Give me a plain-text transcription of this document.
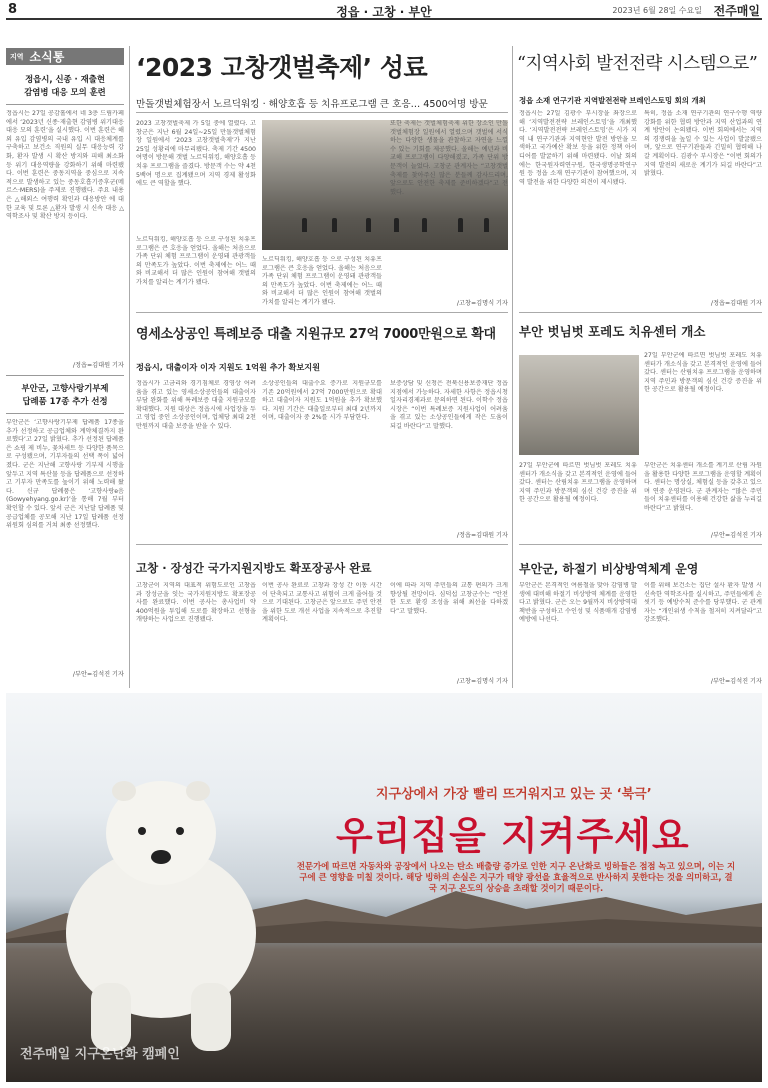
8	정읍 · 고창 · 부안	2023년 6월 28일 수요일 전주매일
지역 소식통
정읍시, 신종 · 재출현
감염병 대응 모의 훈련

정읍시는 27일 공감홀에서 네 3층 드림카페에서 ‘2023년 신종·재출현 감염병 위기대응 대응 모의 훈련’을 실시했다. 이번 훈련은 해외 유입 감염병의 국내 유입 시 대응체계를 구축하고 보건소 직원의 실무 대응능력 강화, 환자 발생 시 확산 방지와 피해 최소화 등 위기 대응역량을 강화하기 위해 마련됐다. 이번 훈련은 중동지역을 중심으로 지속적으로 발생하고 있는 중동호흡기증후군(메르스·MERS)을 주제로 진행됐다. 주요 내용은 △해외스 여행력 확인과 대응방안 에 대한 교육 및 토론 △환자 발생 시 신속 대응 △역학조사 및 확산 방지 등이다.

/정읍=김대원 기자

부안군, 고향사랑기부제
답례품 17종 추가 선정

부안군은 ‘고향사랑기부제 답례품 17종을 추가 선정하고 공급업체와 계약체결까지 완료했다’고 27일 밝혔다. 추가 선정된 답례품은 쇼핑 제 비누, 꽃차세트 등 다양한 품목으로 구성됐으며, 기부자들의 선택 폭이 넓어졌다. 군은 지난해 고향사랑 기부제 시행을 앞두고 지역 특산물 등을 답례품으로 선정하고 기부자 만족도를 높이기 위해 노력해 왔다. 신규 답례품은 ‘고향사랑e음(Gowyehyang.go.kr)’을 통해 7월 부터 확인할 수 있다. 앞서 군은 지난달 답례품 및 공급업체를 공모해 지난 17일 답례품 선정위원회 심의를 거쳐 최종 선정했다.

/부안=김석진 기자

‘2023 고창갯벌축제’ 성료
만돌갯벌체험장서 노르딕워킹 · 해양호흡 등 치유프로그램 큰 호응… 4500여명 방문
2023 고창갯벌축제 가 5일 중에 열렸다. 고창군은 지난 6월 24일~25일 만돌갯벌체험장 일원에서 ‘2023 고창갯벌축제’가 지난 25일 성황리에 마무리됐다. 축제 기간 4500여명이 방문해 갯벌 노르딕워킹, 해양호흡 등 치유 프로그램을 즐겼다. 방문객 수는 약 4천5백여 명으로 집계됐으며 지역 경제 활성화에도 큰 역할을 했다.
노르딕워킹, 해양호흡 등 으로 구성된 치유프로그램은 큰 호응을 얻었다. 올해는 처음으로 가족 단위 체험 프로그램이 운영돼 관광객들의 만족도가 높았다. 이번 축제에는 어느 때와 비교해서 더 많은 인원이 참여해 갯벌의 가치를 알리는 계기가 됐다.
노르딕워킹, 해양호흡 등 으로 구성된 치유프로그램은 큰 호응을 얻었다. 올해는 처음으로 가족 단위 체험 프로그램이 운영돼 관광객들의 만족도가 높았다. 이번 축제에는 어느 때와 비교해서 더 많은 인원이 참여해 갯벌의 가치를 알리는 계기가 됐다.
또한 축제는 갯벌체험축제 위한 장소인 만돌 갯벌체험장 일원에서 열렸으며 갯벌에 서식하는 다양한 생물을 관찰하고 자연을 느낄 수 있는 기회를 제공했다. 올해는 예년과 비교해 프로그램이 다양해졌고, 가족 단위 방문객이 늘었다. 고창군 관계자는 “고창갯벌축제를 찾아주신 많은 분들께 감사드리며, 앞으로도 안전한 축제를 준비하겠다”고 전했다.
/고창=김명식 기자
“지역사회 발전전략 시스템으로”
정읍 소재 연구기관 지역발전전략 브레인스토밍 회의 개최
정읍시는 27일 김광수 부시장을 좌장으로 해 ‘지역발전전략 브레인스토밍’을 개최했다. ‘지역발전전략 브레인스토밍’은 시가 지역 내 연구기관과 지역현안 발전 방안을 모색하고 국가예산 확보 등을 위한 정책 아이디어를 발굴하기 위해 마련됐다. 이날 회의에는 한국원자력연구원, 한국생명공학연구원 등 정읍 소재 연구기관이 참여했으며, 지역 발전을 위한 다양한 의견이 제시됐다.
특히, 정읍 소재 연구기관의 연구수행 역량 강화를 위한 협력 방안과 지역 산업과의 연계 방안이 논의됐다. 이번 회의에서는 지역의 경쟁력을 높일 수 있는 사업이 발굴됐으며, 앞으로 연구기관들과 긴밀히 협력해 나갈 계획이다. 김광수 부시장은 “이번 회의가 지역 발전의 새로운 계기가 되길 바란다”고 밝혔다.
/정읍=김대원 기자
영세소상공인 특례보증 대출 지원규모 27억 7000만원으로 확대
정읍시, 대출이자 이자 지원도 1억원 추가 확보지원
정읍시가 고금리와 경기침체로 경영상 어려움을 겪고 있는 영세소상공인들의 대출이자 부담 완화를 위해 특례보증 대출 지원규모를 확대했다. 지원 대상은 정읍시에 사업장을 두고 영업 중인 소상공인이며, 업체당 최대 2천만원까지 대출 보증을 받을 수 있다.
소상공인들의 대출수요 증가로 지원규모를 기존 20억원에서 27억 7000만원으로 확대하고 대출이자 지원도 1억원을 추가 확보했다. 지원 기간은 대출일로부터 최대 2년까지이며, 대출이자 중 2%를 시가 부담한다.
보증상담 및 신청은 전북신용보증재단 정읍지점에서 가능하다. 자세한 사항은 정읍시청 일자리경제과로 문의하면 된다. 이학수 정읍시장은 “이번 특례보증 지원사업이 어려움을 겪고 있는 소상공인들에게 작은 도움이 되길 바란다”고 말했다.
/정읍=김대원 기자
부안 벗님벗 포레도 치유센터 개소
27일 부안군에 따르면 벗님벗 포레도 치유센터가 개소식을 갖고 본격적인 운영에 들어갔다. 센터는 산림치유 프로그램을 운영하며 지역 주민과 방문객의 심신 건강 증진을 위한 공간으로 활용될 예정이다.
27일 부안군에 따르면 벗님벗 포레도 치유센터가 개소식을 갖고 본격적인 운영에 들어갔다. 센터는 산림치유 프로그램을 운영하며 지역 주민과 방문객의 심신 건강 증진을 위한 공간으로 활용될 예정이다.
부안군은 치유센터 개소를 계기로 산림 자원을 활용한 다양한 프로그램을 운영할 계획이다. 센터는 명상실, 체험실 등을 갖추고 있으며 연중 운영된다. 군 관계자는 “많은 주민들이 치유센터를 이용해 건강한 삶을 누리길 바란다”고 밝혔다.
/부안=김석진 기자
고창 · 장성간 국가지원지방도 확포장공사 완료
고창군이 지역의 대표적 위험도로인 고창읍과 장성군을 잇는 국가지원지방도 확포장공사를 완료했다. 이번 공사는 총사업비 약 400억원을 투입해 도로를 확장하고 선형을 개량하는 사업으로 진행됐다.
이번 공사 완료로 고창과 장성 간 이동 시간이 단축되고 교통사고 위험이 크게 줄어들 것으로 기대된다. 고창군은 앞으로도 주민 안전을 위한 도로 개선 사업을 지속적으로 추진할 계획이다.
이에 따라 지역 주민들의 교통 편의가 크게 향상될 전망이다. 심덕섭 고창군수는 “안전한 도로 환경 조성을 위해 최선을 다하겠다”고 말했다.
/고창=김명식 기자
부안군, 하절기 비상방역체계 운영
부안군은 본격적인 여름철을 맞아 감염병 발생에 대비해 하절기 비상방역 체계를 운영한다고 밝혔다. 군은 오는 9월까지 비상방역대책반을 구성하고 수인성 및 식품매개 감염병 예방에 나선다.
이를 위해 보건소는 집단 설사 환자 발생 시 신속한 역학조사를 실시하고, 주민들에게 손 씻기 등 예방수칙 준수를 당부했다. 군 관계자는 “개인위생 수칙을 철저히 지켜달라”고 강조했다.
/부안=김석진 기자
지구상에서 가장 빨리 뜨거워지고 있는 곳 ‘북극’
우리집을 지켜주세요
전문가에 따르면 자동차와 공장에서 나오는 탄소 배출량 증가로 인한 지구 온난화로 빙하들은 점점 녹고 있으며, 이는 지구에 큰 영향을 미칠 것이다. 해당 빙하의 손실은 지구가 태양 광선을 효율적으로 반사하지 못한다는 것을 의미하고, 결국 지구 온도의 상승을 초래할 것이기 때문이다.
전주매일 지구온난화 캠페인
